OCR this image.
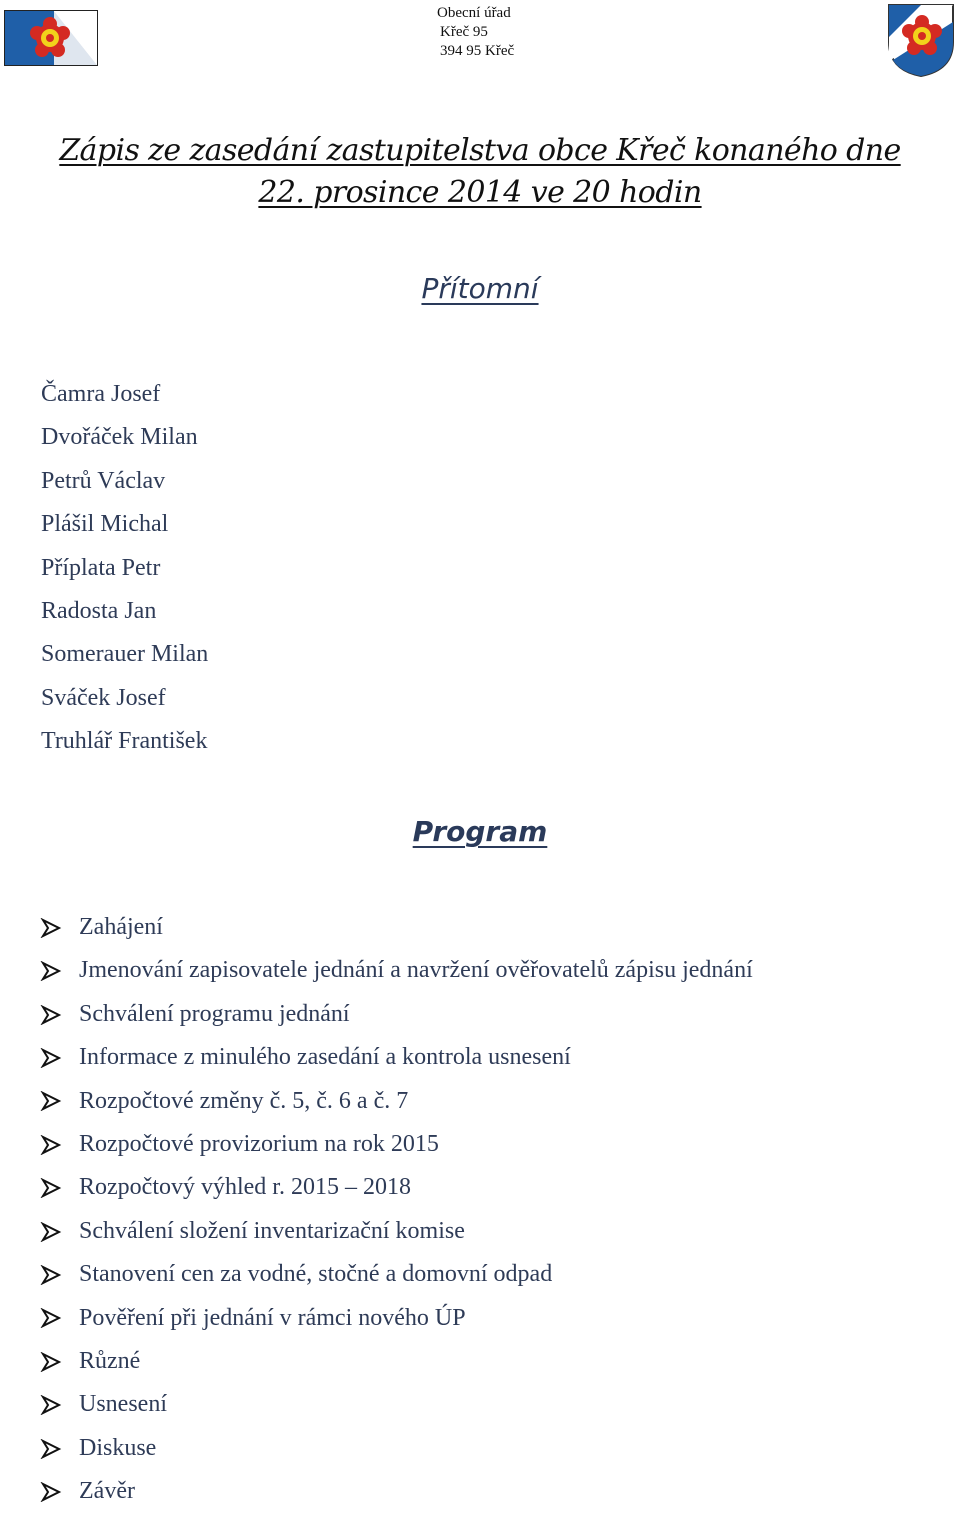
Obecní úřad
Křeč 95
394 95 Křeč
Zápis ze zasedání zastupitelstva obce Křeč konaného dne
22. prosince 2014 ve 20 hodin
Přítomní
Čamra Josef
Dvořáček Milan
Petrů Václav
Plášil Michal
Příplata Petr
Radosta Jan
Somerauer Milan
Sváček Josef
Truhlář František
Program
Zahájení
Jmenování zapisovatele jednání a navržení ověřovatelů zápisu jednání
Schválení programu jednání
Informace z minulého zasedání a kontrola usnesení
Rozpočtové změny č. 5, č. 6 a č. 7
Rozpočtové provizorium na rok 2015
Rozpočtový výhled r. 2015 – 2018
Schválení složení inventarizační komise
Stanovení cen za vodné, stočné a domovní odpad
Pověření při jednání v rámci nového ÚP
Různé
Usnesení
Diskuse
Závěr
